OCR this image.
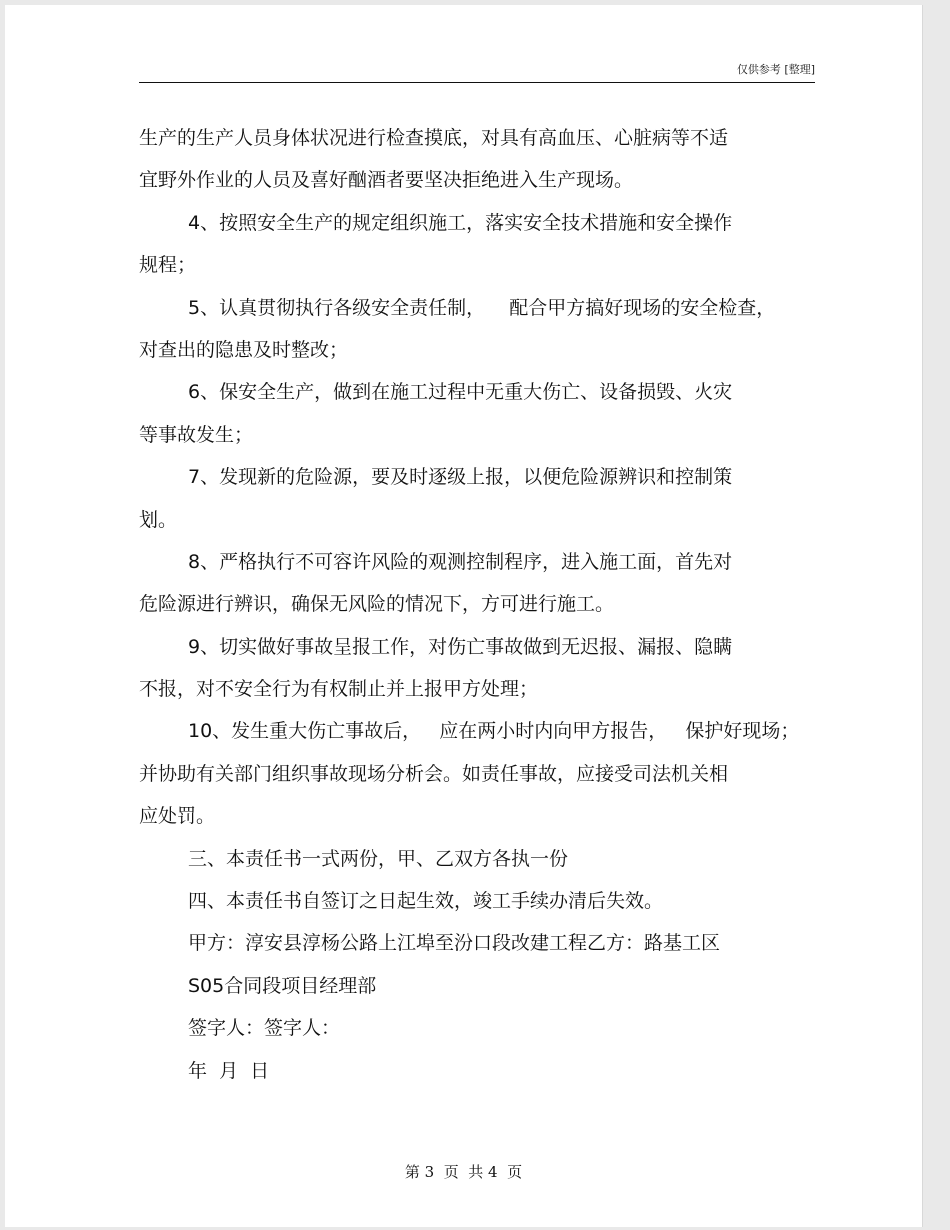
仅供参考 [整理]
生产的生产人员身体状况进行检查摸底，对具有高血压、心脏病等不适
宜野外作业的人员及喜好酗酒者要坚决拒绝进入生产现场。
4、按照安全生产的规定组织施工，落实安全技术措施和安全操作
规程；
5、认真贯彻执行各级安全责任制，    配合甲方搞好现场的安全检查，
对查出的隐患及时整改；
6、保安全生产，做到在施工过程中无重大伤亡、设备损毁、火灾
等事故发生；
7、发现新的危险源，要及时逐级上报，以便危险源辨识和控制策
划。
8、严格执行不可容许风险的观测控制程序，进入施工面，首先对
危险源进行辨识，确保无风险的情况下，方可进行施工。
9、切实做好事故呈报工作，对伤亡事故做到无迟报、漏报、隐瞒
不报，对不安全行为有权制止并上报甲方处理；
10、发生重大伤亡事故后，   应在两小时内向甲方报告，   保护好现场；
并协助有关部门组织事故现场分析会。如责任事故，应接受司法机关相
应处罚。
三、本责任书一式两份，甲、乙双方各执一份
四、本责任书自签订之日起生效，竣工手续办清后失效。
甲方：淳安县淳杨公路上江埠至汾口段改建工程乙方：路基工区
S05合同段项目经理部
签字人：签字人：
年  月  日
第 3  页  共 4  页
